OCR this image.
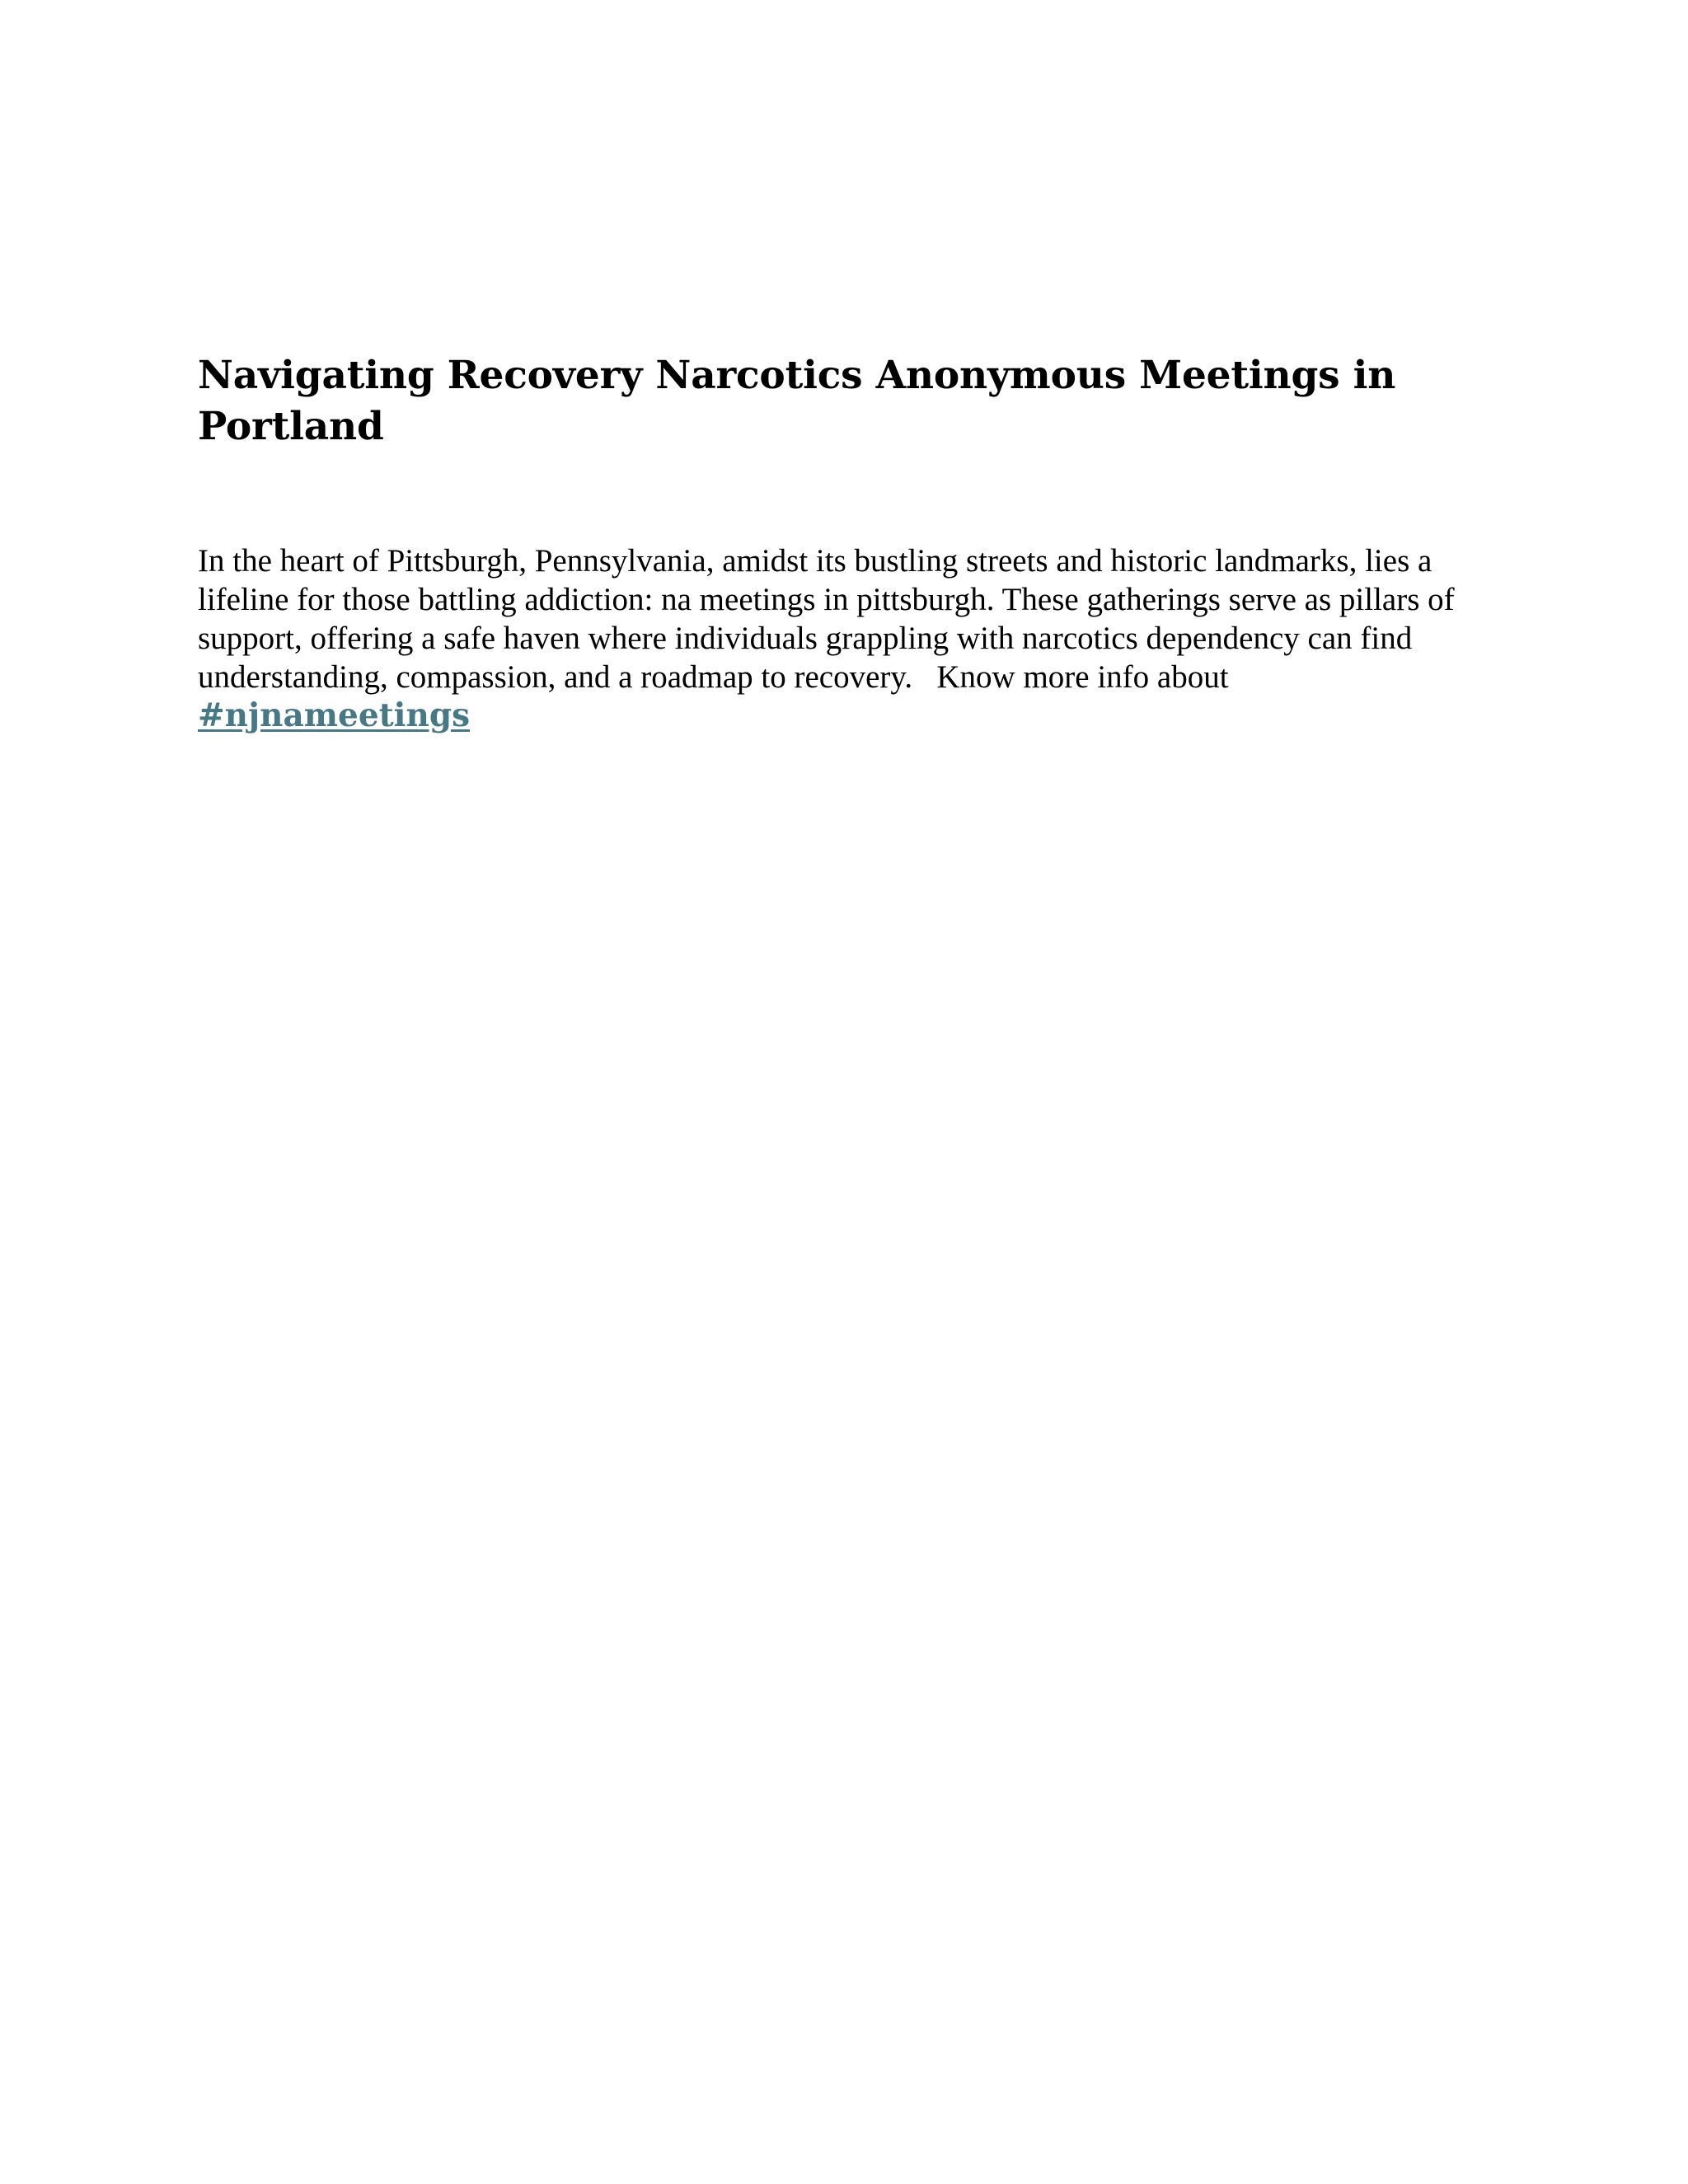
Navigating Recovery Narcotics Anonymous Meetings in Portland

In the heart of Pittsburgh, Pennsylvania, amidst its bustling streets and historic landmarks, lies a lifeline for those battling addiction: na meetings in pittsburgh. These gatherings serve as pillars of support, offering a safe haven where individuals grappling with narcotics dependency can find understanding, compassion, and a roadmap to recovery.   Know more info about #njnameetings
